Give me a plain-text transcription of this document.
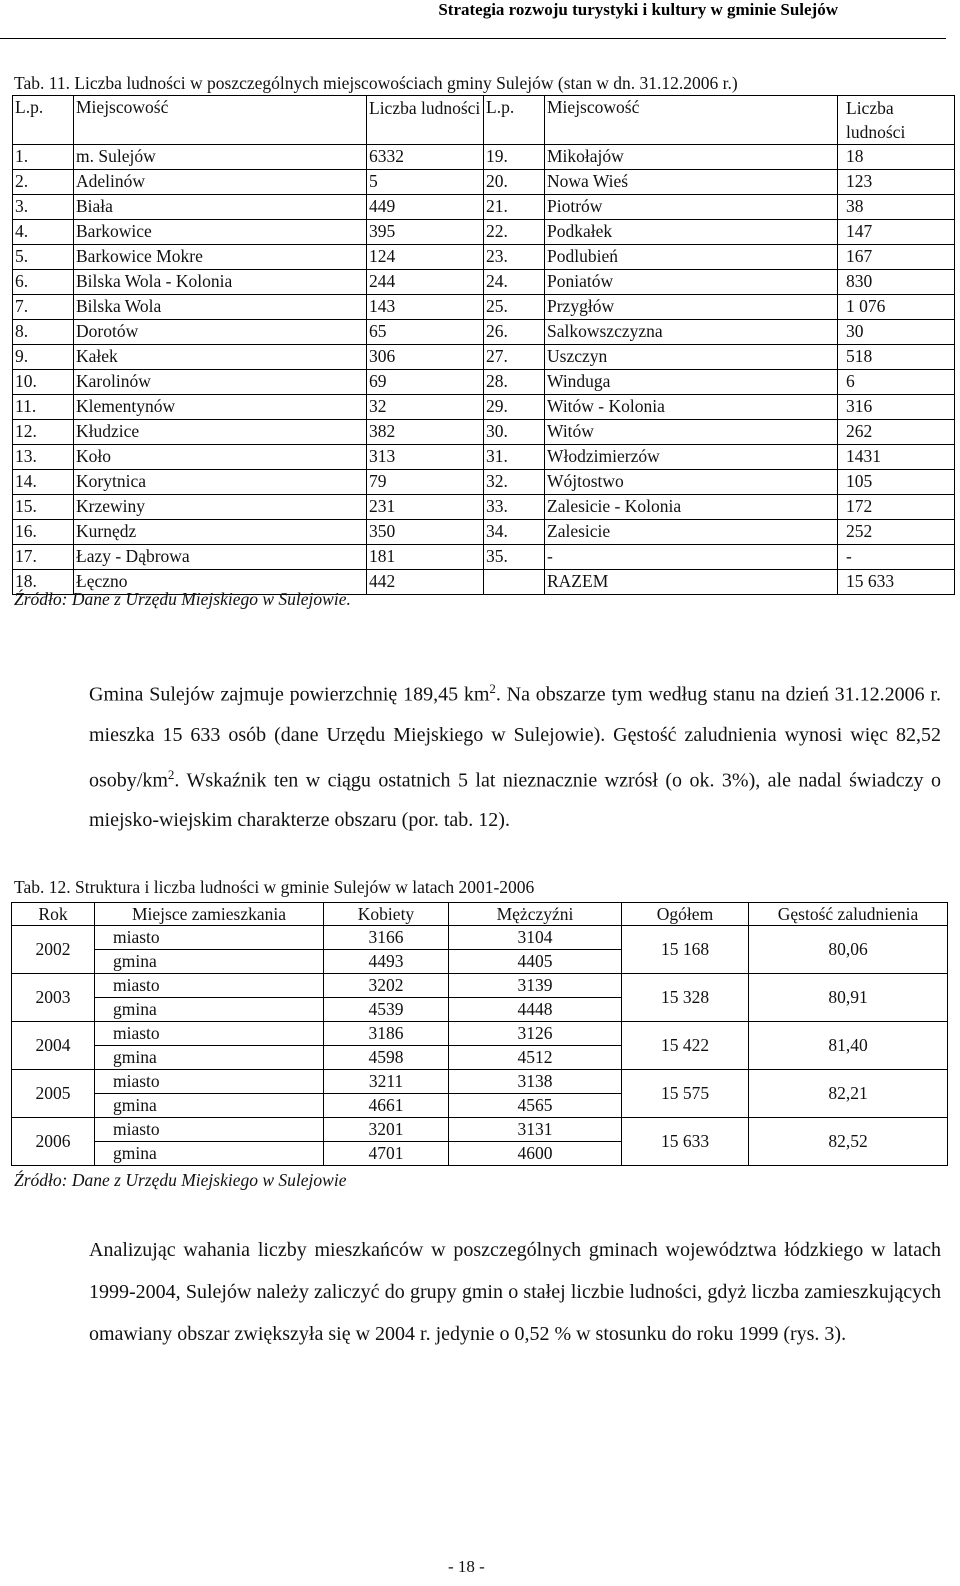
Strategia rozwoju turystyki i kultury w gminie Sulejów
Tab. 11. Liczba ludności w poszczególnych miejscowościach gminy Sulejów (stan w dn. 31.12.2006 r.)
L.p.	Miejscowość	Liczba ludności	L.p.	Miejscowość	Liczba ludności
1.	m. Sulejów	6332	19.	Mikołajów	18
2.	Adelinów	5	20.	Nowa Wieś	123
3.	Biała	449	21.	Piotrów	38
4.	Barkowice	395	22.	Podkałek	147
5.	Barkowice Mokre	124	23.	Podlubień	167
6.	Bilska Wola - Kolonia	244	24.	Poniatów	830
7.	Bilska Wola	143	25.	Przygłów	1 076
8.	Dorotów	65	26.	Salkowszczyzna	30
9.	Kałek	306	27.	Uszczyn	518
10.	Karolinów	69	28.	Winduga	6
11.	Klementynów	32	29.	Witów - Kolonia	316
12.	Kłudzice	382	30.	Witów	262
13.	Koło	313	31.	Włodzimierzów	1431
14.	Korytnica	79	32.	Wójtostwo	105
15.	Krzewiny	231	33.	Zalesicie - Kolonia	172
16.	Kurnędz	350	34.	Zalesicie	252
17.	Łazy - Dąbrowa	181	35.	-	-
18.	Łęczno	442		RAZEM	15 633
Źródło: Dane z Urzędu Miejskiego w Sulejowie.
Gmina Sulejów zajmuje powierzchnię 189,45 $km^2$. Na obszarze tym według stanu na dzień 31.12.2006 r. mieszka 15 633 osób (dane Urzędu Miejskiego w Sulejowie). Gęstość zaludnienia wynosi więc 82,52 osoby/$km^2$. Wskaźnik ten w ciągu ostatnich 5 lat nieznacznie wzrósł (o ok. 3%), ale nadal świadczy o miejsko-wiejskim charakterze obszaru (por. tab. 12).
Tab. 12. Struktura i liczba ludności w gminie Sulejów w latach 2001-2006
Rok	Miejsce zamieszkania	Kobiety	Mężczyźni	Ogółem	Gęstość zaludnienia
2002	miasto	3166	3104	15 168	80,06
	gmina	4493	4405		
2003	miasto	3202	3139	15 328	80,91
	gmina	4539	4448		
2004	miasto	3186	3126	15 422	81,40
	gmina	4598	4512		
2005	miasto	3211	3138	15 575	82,21
	gmina	4661	4565		
2006	miasto	3201	3131	15 633	82,52
	gmina	4701	4600		
Źródło: Dane z Urzędu Miejskiego w Sulejowie
Analizując wahania liczby mieszkańców w poszczególnych gminach województwa łódzkiego w latach 1999-2004, Sulejów należy zaliczyć do grupy gmin o stałej liczbie ludności, gdyż liczba zamieszkujących omawiany obszar zwiększyła się w 2004 r. jedynie o 0,52 % w stosunku do roku 1999 (rys. 3).
- 18 -
